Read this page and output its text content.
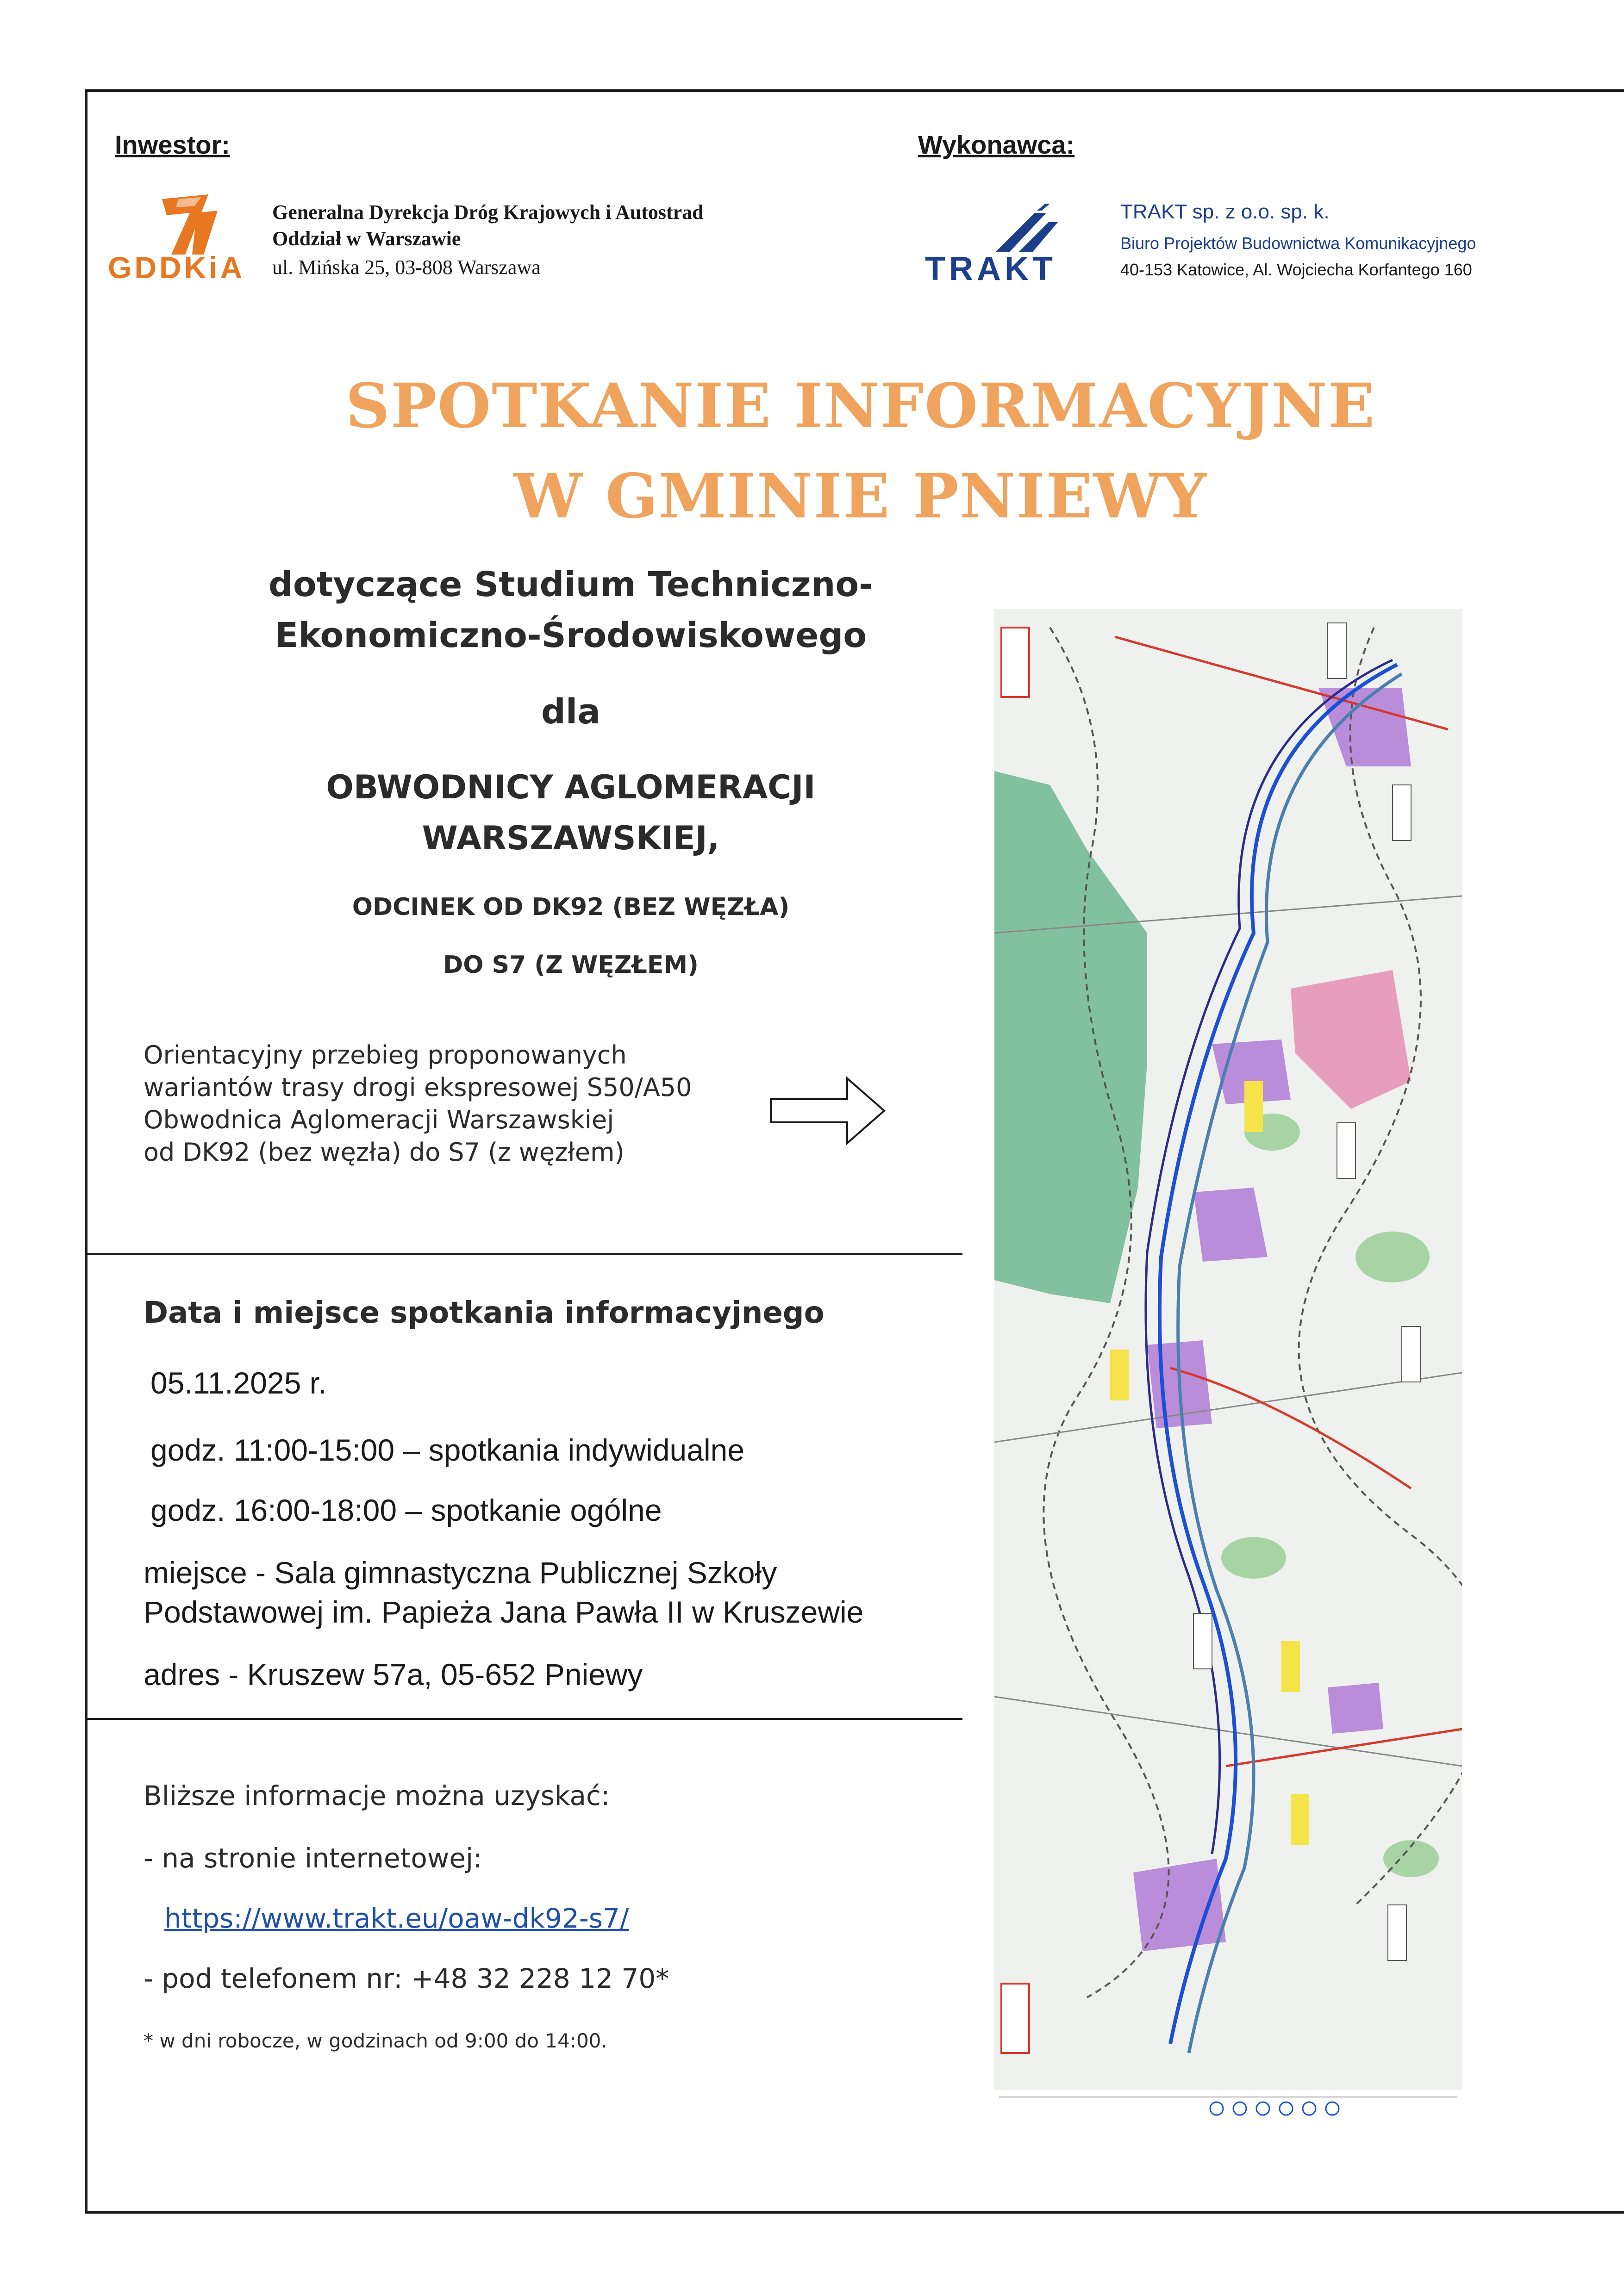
Inwestor:
GDDKiA
Generalna Dyrekcja Dróg Krajowych i Autostrad
Oddział w Warszawie
ul. Mińska 25, 03-808 Warszawa
Wykonawca:
TRAKT
TRAKT sp. z o.o. sp. k.
Biuro Projektów Budownictwa Komunikacyjnego
40-153 Katowice, Al. Wojciecha Korfantego 160
SPOTKANIE INFORMACYJNE
W GMINIE PNIEWY
dotyczące Studium Techniczno-
Ekonomiczno-Środowiskowego
dla
OBWODNICY AGLOMERACJI
WARSZAWSKIEJ,
ODCINEK OD DK92 (BEZ WĘZŁA)
DO S7 (Z WĘZŁEM)
Orientacyjny przebieg proponowanych
wariantów trasy drogi ekspresowej S50/A50
Obwodnica Aglomeracji Warszawskiej
od DK92 (bez węzła) do S7 (z węzłem)
Data i miejsce spotkania informacyjnego
05.11.2025 r.
godz. 11:00-15:00 – spotkania indywidualne
godz. 16:00-18:00 – spotkanie ogólne
miejsce - Sala gimnastyczna Publicznej Szkoły
Podstawowej im. Papieża Jana Pawła II w Kruszewie
adres - Kruszew 57a, 05-652 Pniewy
Bliższe informacje można uzyskać:
- na stronie internetowej:
https://www.trakt.eu/oaw-dk92-s7/
- pod telefonem nr: +48 32 228 12 70*
* w dni robocze, w godzinach od 9:00 do 14:00.
